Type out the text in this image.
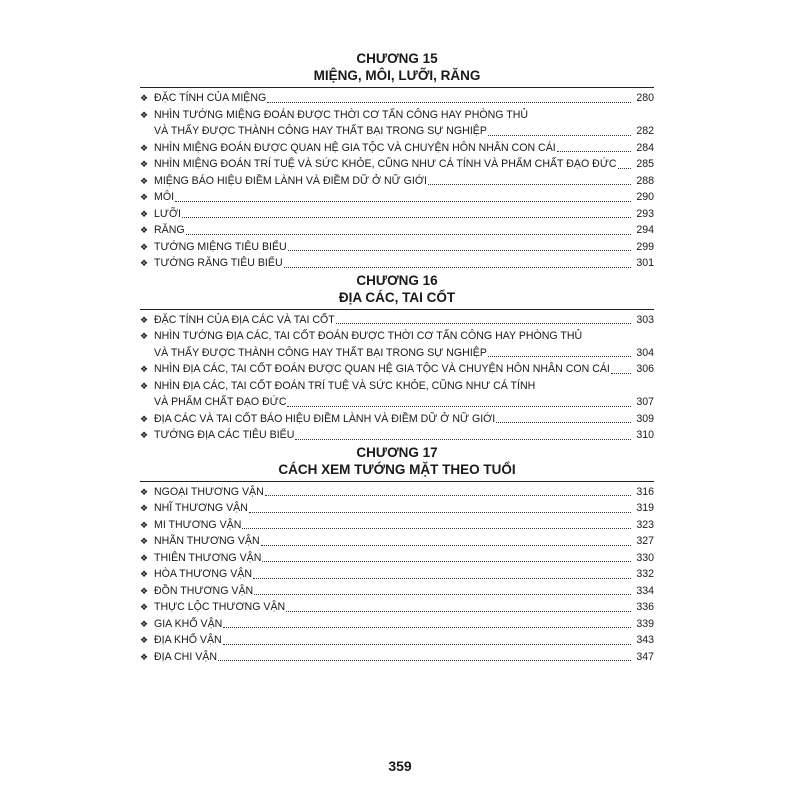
CHƯƠNG 15
MIỆNG, MÔI, LƯỠI, RĂNG
❖ ĐẶC TÍNH CỦA MIỆNG	280
❖ NHÌN TƯỚNG MIỆNG ĐOÁN ĐƯỢC THỜI CƠ TẤN CÔNG HAY PHÒNG THỦ
VÀ THẤY ĐƯỢC THÀNH CÔNG HAY THẤT BẠI TRONG SỰ NGHIỆP	282
❖ NHÌN MIỆNG ĐOÁN ĐƯỢC QUAN HỆ GIA TỘC VÀ CHUYỆN HÔN NHÂN CON CÁI	284
❖ NHÌN MIỆNG ĐOÁN TRÍ TUỆ VÀ SỨC KHỎE, CŨNG NHƯ CÁ TÍNH VÀ PHẨM CHẤT ĐẠO ĐỨC	285
❖ MIỆNG BÁO HIỆU ĐIỀM LÀNH VÀ ĐIỀM DỮ Ở NỮ GIỚI	288
❖ MÔI	290
❖ LƯỠI	293
❖ RĂNG	294
❖ TƯỚNG MIỆNG TIÊU BIỂU	299
❖ TƯỚNG RĂNG TIÊU BIỂU	301
CHƯƠNG 16
ĐỊA CÁC, TAI CỐT
❖ ĐẶC TÍNH CỦA ĐỊA CÁC VÀ TAI CỐT	303
❖ NHÌN TƯỚNG ĐỊA CÁC, TAI CỐT ĐOÁN ĐƯỢC THỜI CƠ TẤN CÔNG HAY PHÒNG THỦ
VÀ THẤY ĐƯỢC THÀNH CÔNG HAY THẤT BẠI TRONG SỰ NGHIỆP	304
❖ NHÌN ĐỊA CÁC, TAI CỐT ĐOÁN ĐƯỢC QUAN HỆ GIA TỘC VÀ CHUYỆN HÔN NHÂN CON CÁI	306
❖ NHÌN ĐỊA CÁC, TAI CỐT ĐOÁN TRÍ TUỆ VÀ SỨC KHỎE, CŨNG NHƯ CÁ TÍNH
VÀ PHẨM CHẤT ĐẠO ĐỨC	307
❖ ĐỊA CÁC VÀ TAI CỐT BÁO HIỆU ĐIỀM LÀNH VÀ ĐIỀM DỮ Ở NỮ GIỚI	309
❖ TƯỚNG ĐỊA CÁC TIÊU BIỂU	310
CHƯƠNG 17
CÁCH XEM TƯỚNG MẶT THEO TUỔI
❖ NGOẠI THƯƠNG VẬN	316
❖ NHĨ THƯƠNG VẬN	319
❖ MI THƯƠNG VẬN	323
❖ NHÃN THƯƠNG VẬN	327
❖ THIÊN THƯƠNG VẬN	330
❖ HÒA THƯƠNG VẬN	332
❖ ĐỒN THƯƠNG VẬN	334
❖ THỰC LỘC THƯƠNG VẬN	336
❖ GIA KHỐ VẬN	339
❖ ĐỊA KHỐ VẬN	343
❖ ĐỊA CHI VẬN	347
359
